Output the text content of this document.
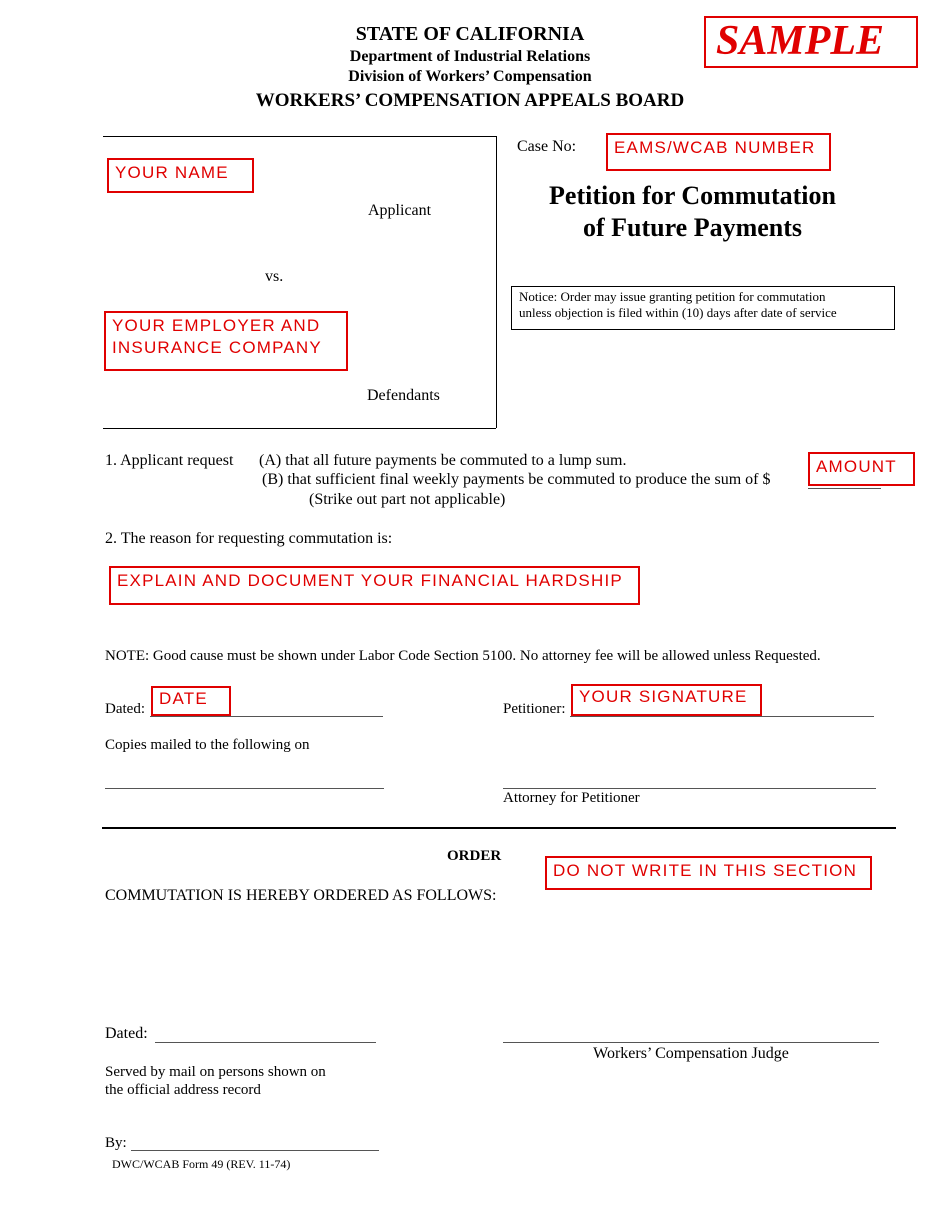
STATE OF CALIFORNIA
Department of Industrial Relations
Division of Workers’ Compensation
WORKERS’ COMPENSATION APPEALS BOARD
SAMPLE
YOUR NAME
Applicant
vs.
YOUR EMPLOYER AND
INSURANCE COMPANY
Defendants
Case No:	EAMS/WCAB NUMBER
Petition for Commutation
of Future Payments
Notice: Order may issue granting petition for commutation
unless objection is filed within (10) days after date of service
1. Applicant request (A) that all future payments be commuted to a lump sum.
(B) that sufficient final weekly payments be commuted to produce the sum of $
(Strike out part not applicable)
AMOUNT
2. The reason for requesting commutation is:
EXPLAIN AND DOCUMENT YOUR FINANCIAL HARDSHIP
NOTE: Good cause must be shown under Labor Code Section 5100. No attorney fee will be allowed unless Requested.
Dated:
DATE
Petitioner:
YOUR SIGNATURE
Copies mailed to the following on
Attorney for Petitioner
ORDER
DO NOT WRITE IN THIS SECTION
COMMUTATION IS HEREBY ORDERED AS FOLLOWS:
Dated:
Workers’ Compensation Judge
Served by mail on persons shown on
the official address record
By:
DWC/WCAB Form 49 (REV. 11-74)
